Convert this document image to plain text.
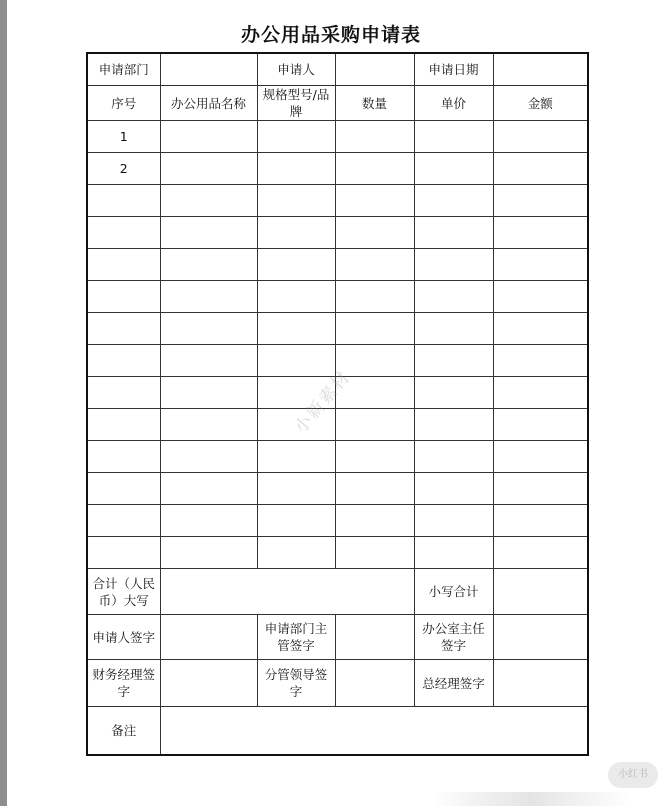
办公用品采购申请表
申请部门		申请人		申请日期	
序号	办公用品名称	规格型号/品牌	数量	单价	金额
1					
2					

合计（人民币）大写				小写合计	
申请人签字		申请部门主管签字		办公室主任签字	
财务经理签字		分管领导签字		总经理签字	
备注					
小新素材
小红书
